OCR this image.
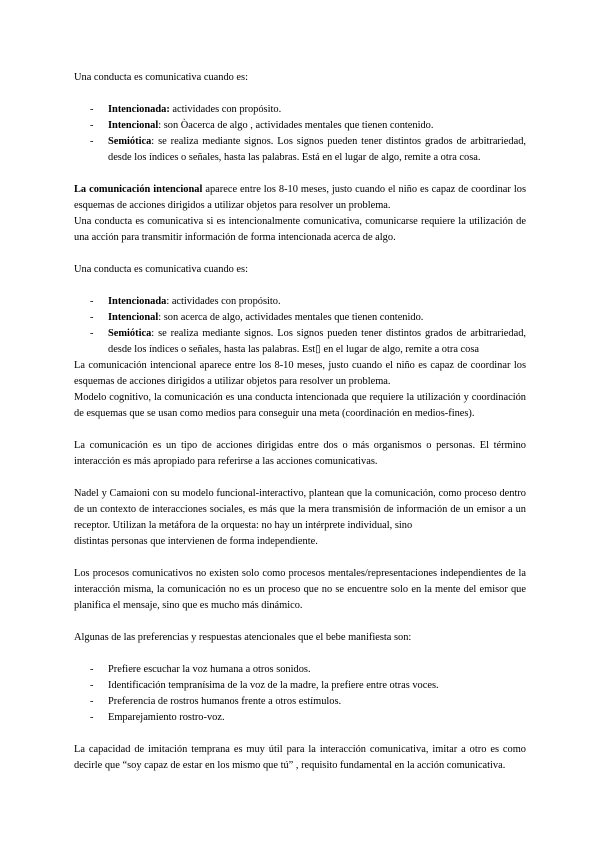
Una conducta es comunicativa cuando es:

- Intencionada: actividades con propósito.
- Intencional: son Òacerca de algo , actividades mentales que tienen contenido.
- Semiótica: se realiza mediante signos. Los signos pueden tener distintos grados de arbitrariedad, desde los índices o señales, hasta las palabras. Está en el lugar de algo, remite a otra cosa.

La comunicación intencional aparece entre los 8-10 meses, justo cuando el niño es capaz de coordinar los esquemas de acciones dirigidos a utilizar objetos para resolver un problema.

Una conducta es comunicativa si es intencionalmente comunicativa, comunicarse requiere la utilización de una acción para transmitir información de forma intencionada acerca de algo.

Una conducta es comunicativa cuando es:

- Intencionada: actividades con propósito.
- Intencional: son acerca de algo, actividades mentales que tienen contenido.
- Semiótica: se realiza mediante signos. Los signos pueden tener distintos grados de arbitrariedad, desde los índices o señales, hasta las palabras. Est▯ en el lugar de algo, remite a otra cosa

La comunicación intencional aparece entre los 8-10 meses, justo cuando el niño es capaz de coordinar los esquemas de acciones dirigidos a utilizar objetos para resolver un problema.

Modelo cognitivo, la comunicación es una conducta intencionada que requiere la utilización y coordinación de esquemas que se usan como medios para conseguir una meta (coordinación en medios-fines).

La comunicación es un tipo de acciones dirigidas entre dos o más organismos o personas. El término interacción es más apropiado para referirse a las acciones comunicativas.

Nadel y Camaioni con su modelo funcional-interactivo, plantean que la comunicación, como proceso dentro de un contexto de interacciones sociales, es más que la mera transmisión de información de un emisor a un receptor. Utilizan la metáfora de la orquesta: no hay un intérprete individual, sino

distintas personas que intervienen de forma independiente.

Los procesos comunicativos no existen solo como procesos mentales/representaciones independientes de la interacción misma, la comunicación no es un proceso que no se encuentre solo en la mente del emisor que planifica el mensaje, sino que es mucho más dinámico.

Algunas de las preferencias y respuestas atencionales que el bebe manifiesta son:

- Prefiere escuchar la voz humana a otros sonidos.
- Identificación tempranísima de la voz de la madre, la prefiere entre otras voces.
- Preferencia de rostros humanos frente a otros estímulos.
- Emparejamiento rostro-voz.

La capacidad de imitación temprana es muy útil para la interacción comunicativa, imitar a otro es como decirle que “soy capaz de estar en los mismo que tú” , requisito fundamental en la acción comunicativa.
